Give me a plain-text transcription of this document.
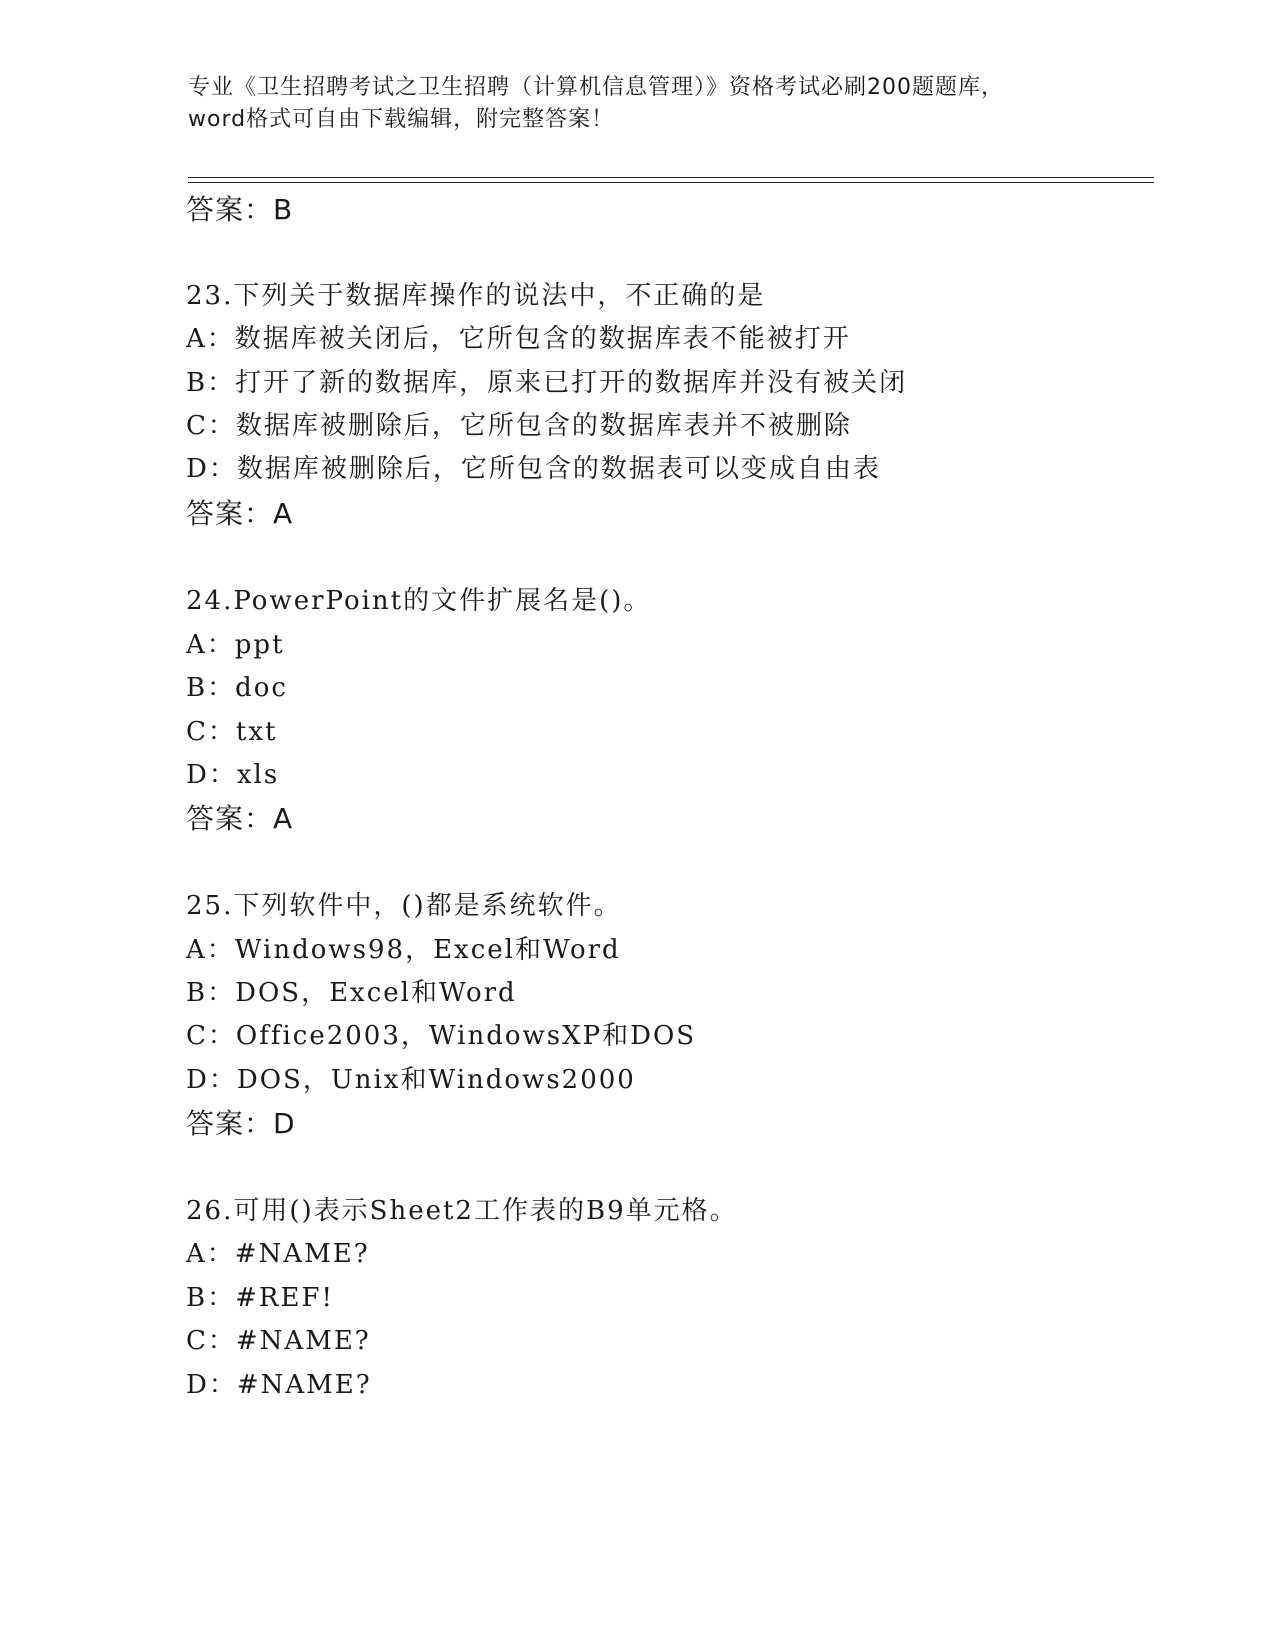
专业《卫生招聘考试之卫生招聘（计算机信息管理）》资格考试必刷200题题库，
word格式可自由下载编辑，附完整答案！
答案：B
23.下列关于数据库操作的说法中，不正确的是
A：数据库被关闭后，它所包含的数据库表不能被打开
B：打开了新的数据库，原来已打开的数据库并没有被关闭
C：数据库被删除后，它所包含的数据库表并不被删除
D：数据库被删除后，它所包含的数据表可以变成自由表
答案：A
24.PowerPoint的文件扩展名是()。
A：ppt
B：doc
C：txt
D：xls
答案：A
25.下列软件中，()都是系统软件。
A：Windows98，Excel和Word
B：DOS，Excel和Word
C：Office2003，WindowsXP和DOS
D：DOS，Unix和Windows2000
答案：D
26.可用()表示Sheet2工作表的B9单元格。
A：#NAME?
B：#REF!
C：#NAME?
D：#NAME?
